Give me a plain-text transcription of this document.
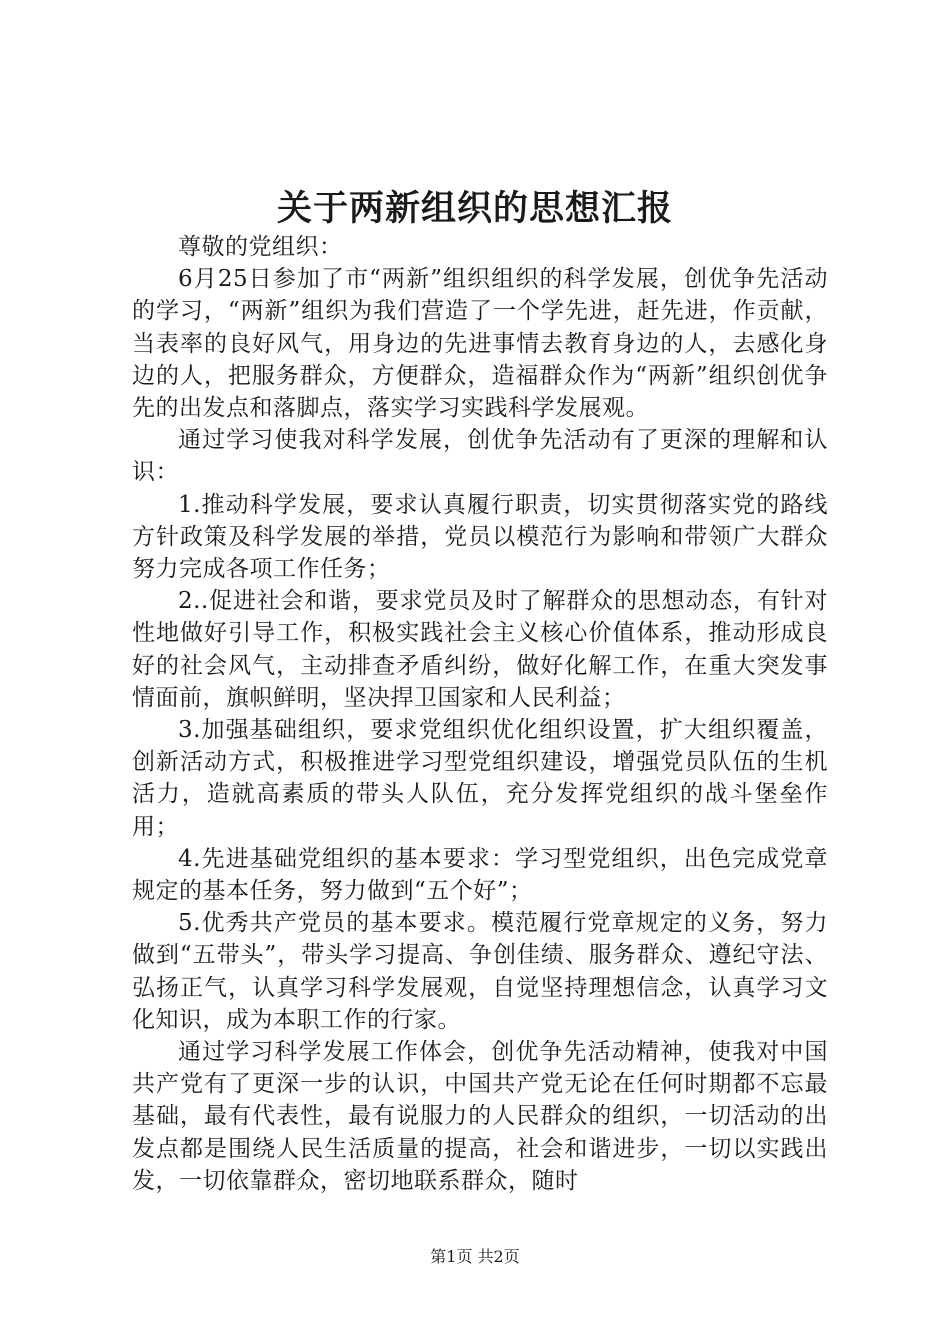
关于两新组织的思想汇报

尊敬的党组织：

6月25日参加了市“两新”组织组织的科学发展，创优争先活动的学习，“两新”组织为我们营造了一个学先进，赶先进，作贡献，当表率的良好风气，用身边的先进事情去教育身边的人，去感化身边的人，把服务群众，方便群众，造福群众作为“两新”组织创优争先的出发点和落脚点，落实学习实践科学发展观。

通过学习使我对科学发展，创优争先活动有了更深的理解和认识：

1.推动科学发展，要求认真履行职责，切实贯彻落实党的路线方针政策及科学发展的举措，党员以模范行为影响和带领广大群众努力完成各项工作任务；

2..促进社会和谐，要求党员及时了解群众的思想动态，有针对性地做好引导工作，积极实践社会主义核心价值体系，推动形成良好的社会风气，主动排查矛盾纠纷，做好化解工作，在重大突发事情面前，旗帜鲜明，坚决捍卫国家和人民利益；

3.加强基础组织，要求党组织优化组织设置，扩大组织覆盖，创新活动方式，积极推进学习型党组织建设，增强党员队伍的生机活力，造就高素质的带头人队伍，充分发挥党组织的战斗堡垒作用；

4.先进基础党组织的基本要求：学习型党组织，出色完成党章规定的基本任务，努力做到“五个好”；

5.优秀共产党员的基本要求。模范履行党章规定的义务，努力做到“五带头”，带头学习提高、争创佳绩、服务群众、遵纪守法、弘扬正气，认真学习科学发展观，自觉坚持理想信念，认真学习文化知识，成为本职工作的行家。

通过学习科学发展工作体会，创优争先活动精神，使我对中国共产党有了更深一步的认识，中国共产党无论在任何时期都不忘最基础，最有代表性，最有说服力的人民群众的组织，一切活动的出发点都是围绕人民生活质量的提高，社会和谐进步，一切以实践出发，一切依靠群众，密切地联系群众，随时

第1页 共2页
